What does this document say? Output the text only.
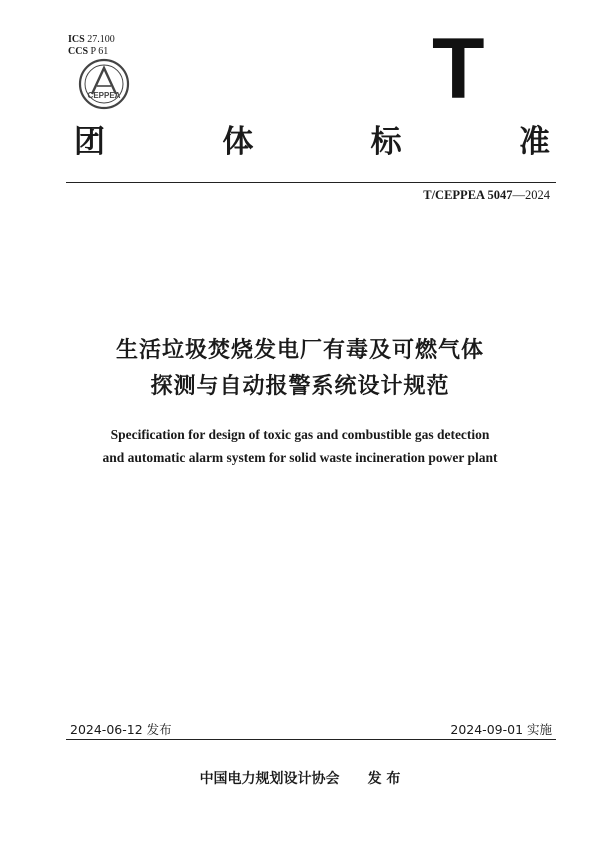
ICS 27.100
CCS P 61
CEPPEA	T
团	体	标	准
T/CEPPEA 5047—2024
生活垃圾焚烧发电厂有毒及可燃气体
探测与自动报警系统设计规范
Specification for design of toxic gas and combustible gas detection
and automatic alarm system for solid waste incineration power plant
2024-06-12 发布	2024-09-01 实施
中国电力规划设计协会 发 布
